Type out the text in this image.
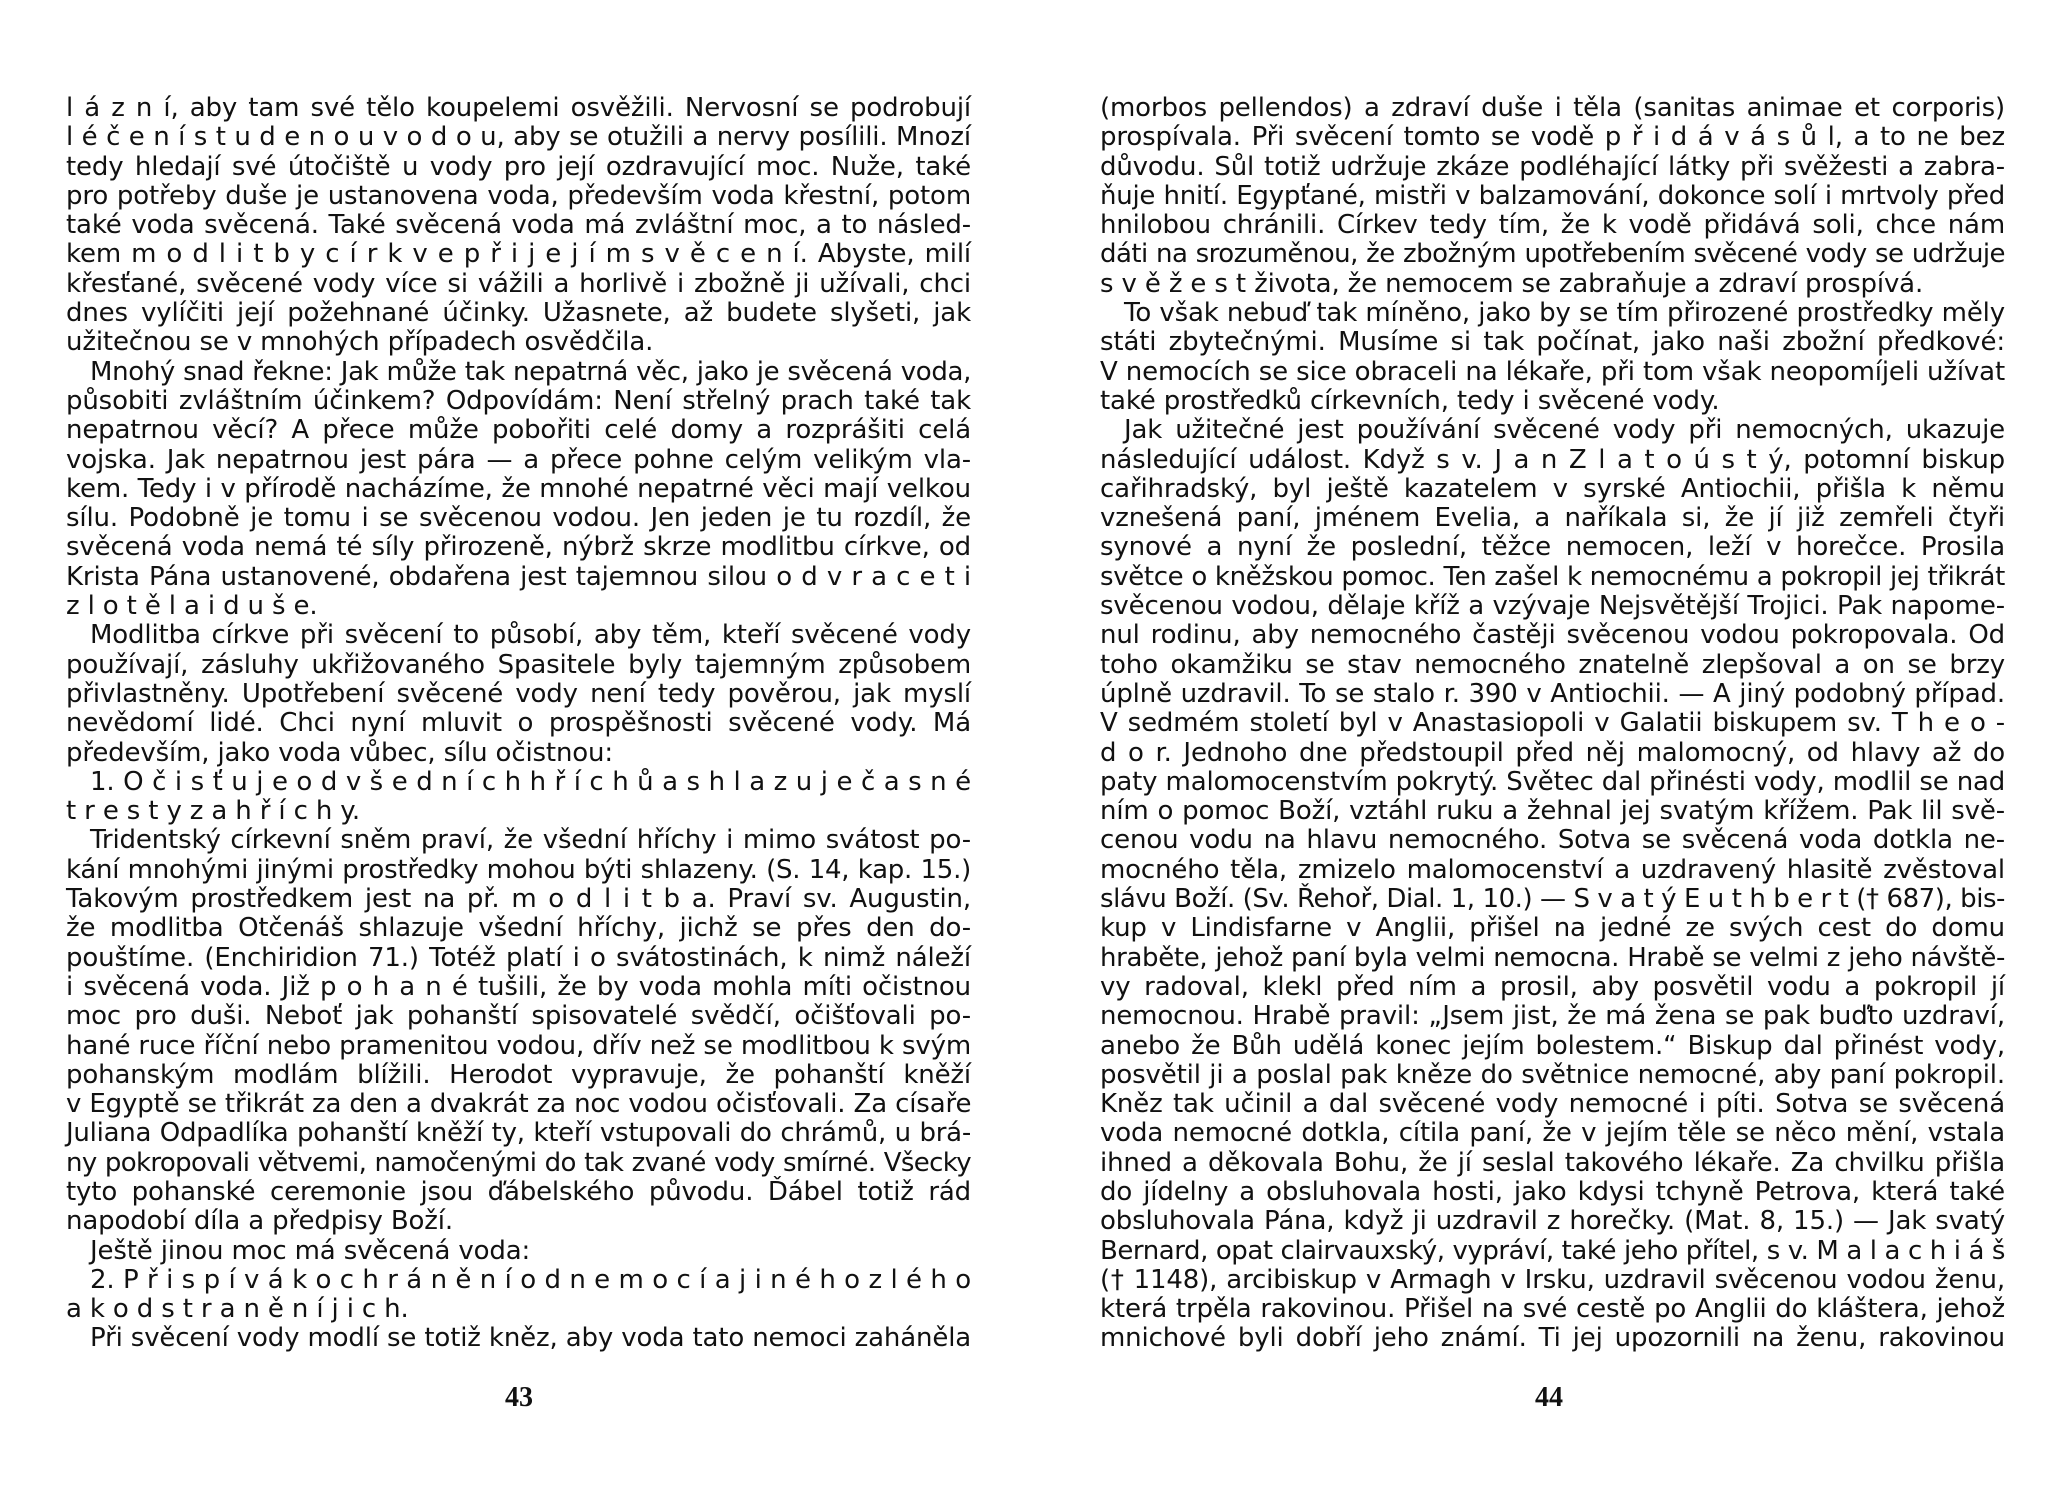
l á z n í, aby tam své tělo koupelemi osvěžili. Nervosní se podrobují
l é č e n í s t u d e n o u v o d o u, aby se otužili a nervy posílili. Mnozí
tedy hledají své útočiště u vody pro její ozdravující moc. Nuže, také
pro potřeby duše je ustanovena voda, především voda křestní, potom
také voda svěcená. Také svěcená voda má zvláštní moc, a to násled-
kem m o d l i t b y c í r k v e p ř i j e j í m s v ě c e n í. Abyste, milí
křesťané, svěcené vody více si vážili a horlivě i zbožně ji užívali, chci
dnes vylíčiti její požehnané účinky. Užasnete, až budete slyšeti, jak
užitečnou se v mnohých případech osvědčila.
Mnohý snad řekne: Jak může tak nepatrná věc, jako je svěcená voda,
působiti zvláštním účinkem? Odpovídám: Není střelný prach také tak
nepatrnou věcí? A přece může pobořiti celé domy a rozprášiti celá
vojska. Jak nepatrnou jest pára — a přece pohne celým velikým vla-
kem. Tedy i v přírodě nacházíme, že mnohé nepatrné věci mají velkou
sílu. Podobně je tomu i se svěcenou vodou. Jen jeden je tu rozdíl, že
svěcená voda nemá té síly přirozeně, nýbrž skrze modlitbu církve, od
Krista Pána ustanovené, obdařena jest tajemnou silou o d v r a c e t i
z l o t ě l a i d u š e.
Modlitba církve při svěcení to působí, aby těm, kteří svěcené vody
používají, zásluhy ukřižovaného Spasitele byly tajemným způsobem
přivlastněny. Upotřebení svěcené vody není tedy pověrou, jak myslí
nevědomí lidé. Chci nyní mluvit o prospěšnosti svěcené vody. Má
především, jako voda vůbec, sílu očistnou:
1. O č i s ť u j e o d v š e d n í c h h ř í c h ů a s h l a z u j e č a s n é
t r e s t y z a h ř í c h y.
Tridentský církevní sněm praví, že všední hříchy i mimo svátost po-
kání mnohými jinými prostředky mohou býti shlazeny. (S. 14, kap. 15.)
Takovým prostředkem jest na př. m o d l i t b a. Praví sv. Augustin,
že modlitba Otčenáš shlazuje všední hříchy, jichž se přes den do-
pouštíme. (Enchiridion 71.) Totéž platí i o svátostinách, k nimž náleží
i svěcená voda. Již p o h a n é tušili, že by voda mohla míti očistnou
moc pro duši. Neboť jak pohanští spisovatelé svědčí, očišťovali po-
hané ruce říční nebo pramenitou vodou, dřív než se modlitbou k svým
pohanským modlám blížili. Herodot vypravuje, že pohanští kněží
v Egyptě se třikrát za den a dvakrát za noc vodou očisťovali. Za císaře
Juliana Odpadlíka pohanští kněží ty, kteří vstupovali do chrámů, u brá-
ny pokropovali větvemi, namočenými do tak zvané vody smírné. Všecky
tyto pohanské ceremonie jsou ďábelského původu. Ďábel totiž rád
napodobí díla a předpisy Boží.
Ještě jinou moc má svěcená voda:
2. P ř i s p í v á k o c h r á n ě n í o d n e m o c í a j i n é h o z l é h o
a k o d s t r a n ě n í j i c h.
Při svěcení vody modlí se totiž kněz, aby voda tato nemoci zaháněla
43
(morbos pellendos) a zdraví duše i těla (sanitas animae et corporis)
prospívala. Při svěcení tomto se vodě p ř i d á v á s ů l, a to ne bez
důvodu. Sůl totiž udržuje zkáze podléhající látky při svěžesti a zabra-
ňuje hnití. Egypťané, mistři v balzamování, dokonce solí i mrtvoly před
hnilobou chránili. Církev tedy tím, že k vodě přidává soli, chce nám
dáti na srozuměnou, že zbožným upotřebením svěcené vody se udržuje
s v ě ž e s t života, že nemocem se zabraňuje a zdraví prospívá.
To však nebuď tak míněno, jako by se tím přirozené prostředky měly
státi zbytečnými. Musíme si tak počínat, jako naši zbožní předkové:
V nemocích se sice obraceli na lékaře, při tom však neopomíjeli užívat
také prostředků církevních, tedy i svěcené vody.
Jak užitečné jest používání svěcené vody při nemocných, ukazuje
následující událost. Když s v. J a n Z l a t o ú s t ý, potomní biskup
cařihradský, byl ještě kazatelem v syrské Antiochii, přišla k němu
vznešená paní, jménem Evelia, a naříkala si, že jí již zemřeli čtyři
synové a nyní že poslední, těžce nemocen, leží v horečce. Prosila
světce o kněžskou pomoc. Ten zašel k nemocnému a pokropil jej třikrát
svěcenou vodou, dělaje kříž a vzývaje Nejsvětější Trojici. Pak napome-
nul rodinu, aby nemocného častěji svěcenou vodou pokropovala. Od
toho okamžiku se stav nemocného znatelně zlepšoval a on se brzy
úplně uzdravil. To se stalo r. 390 v Antiochii. — A jiný podobný případ.
V sedmém století byl v Anastasiopoli v Galatii biskupem sv. T h e o -
d o r. Jednoho dne předstoupil před něj malomocný, od hlavy až do
paty malomocenstvím pokrytý. Světec dal přinésti vody, modlil se nad
ním o pomoc Boží, vztáhl ruku a žehnal jej svatým křížem. Pak lil svě-
cenou vodu na hlavu nemocného. Sotva se svěcená voda dotkla ne-
mocného těla, zmizelo malomocenství a uzdravený hlasitě zvěstoval
slávu Boží. (Sv. Řehoř, Dial. 1, 10.) — S v a t ý E u t h b e r t († 687), bis-
kup v Lindisfarne v Anglii, přišel na jedné ze svých cest do domu
hraběte, jehož paní byla velmi nemocna. Hrabě se velmi z jeho návště-
vy radoval, klekl před ním a prosil, aby posvětil vodu a pokropil jí
nemocnou. Hrabě pravil: „Jsem jist, že má žena se pak buďto uzdraví,
anebo že Bůh udělá konec jejím bolestem.“ Biskup dal přinést vody,
posvětil ji a poslal pak kněze do světnice nemocné, aby paní pokropil.
Kněz tak učinil a dal svěcené vody nemocné i píti. Sotva se svěcená
voda nemocné dotkla, cítila paní, že v jejím těle se něco mění, vstala
ihned a děkovala Bohu, že jí seslal takového lékaře. Za chvilku přišla
do jídelny a obsluhovala hosti, jako kdysi tchyně Petrova, která také
obsluhovala Pána, když ji uzdravil z horečky. (Mat. 8, 15.) — Jak svatý
Bernard, opat clairvauxský, vypráví, také jeho přítel, s v. M a l a c h i á š
(† 1148), arcibiskup v Armagh v Irsku, uzdravil svěcenou vodou ženu,
která trpěla rakovinou. Přišel na své cestě po Anglii do kláštera, jehož
mnichové byli dobří jeho známí. Ti jej upozornili na ženu, rakovinou
44
